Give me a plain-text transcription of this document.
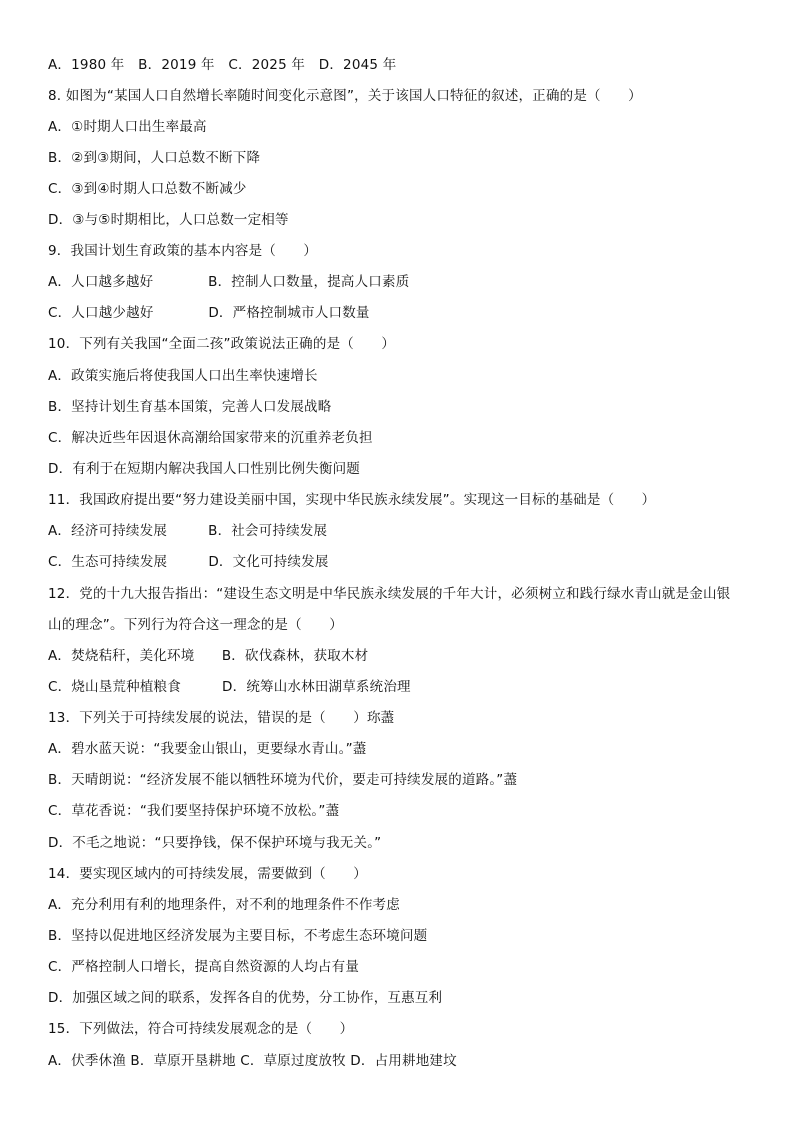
A．1980 年　B．2019 年　C．2025 年　D．2045 年
8. 如图为“某国人口自然增长率随时间变化示意图”，关于该国人口特征的叙述，正确的是（　　）
A．①时期人口出生率最高
B．②到③期间，人口总数不断下降
C．③到④时期人口总数不断减少
D．③与⑤时期相比，人口总数一定相等
9．我国计划生育政策的基本内容是（　　）
A．人口越多越好　　　　B．控制人口数量，提高人口素质
C．人口越少越好　　　　D．严格控制城市人口数量
10．下列有关我国“全面二孩”政策说法正确的是（　　）
A．政策实施后将使我国人口出生率快速增长
B．坚持计划生育基本国策，完善人口发展战略
C．解决近些年因退休高潮给国家带来的沉重养老负担
D．有利于在短期内解决我国人口性别比例失衡问题
11．我国政府提出要“努力建设美丽中国，实现中华民族永续发展”。实现这一目标的基础是（　　）
A．经济可持续发展　　　B．社会可持续发展
C．生态可持续发展　　　D．文化可持续发展
12．党的十九大报告指出：“建设生态文明是中华民族永续发展的千年大计，必须树立和践行绿水青山就是金山银
山的理念”。下列行为符合这一理念的是（　　）
A．焚烧秸秆，美化环境　　B．砍伐森林，获取木材
C．烧山垦荒种植粮食　　　D．统筹山水林田湖草系统治理
13．下列关于可持续发展的说法，错误的是（　　）珎藎
A．碧水蓝天说：“我要金山银山，更要绿水青山。”藎
B．天晴朗说：“经济发展不能以牺牲环境为代价，要走可持续发展的道路。”藎
C．草花香说：“我们要坚持保护环境不放松。”藎
D．不毛之地说：“只要挣钱，保不保护环境与我无关。”
14．要实现区域内的可持续发展，需要做到（　　）
A．充分利用有利的地理条件，对不利的地理条件不作考虑
B．坚持以促进地区经济发展为主要目标，不考虑生态环境问题
C．严格控制人口增长，提高自然资源的人均占有量
D．加强区域之间的联系，发挥各自的优势，分工协作，互惠互利
15．下列做法，符合可持续发展观念的是（　　）
A．伏季休渔 B．草原开垦耕地 C．草原过度放牧 D．占用耕地建坟
